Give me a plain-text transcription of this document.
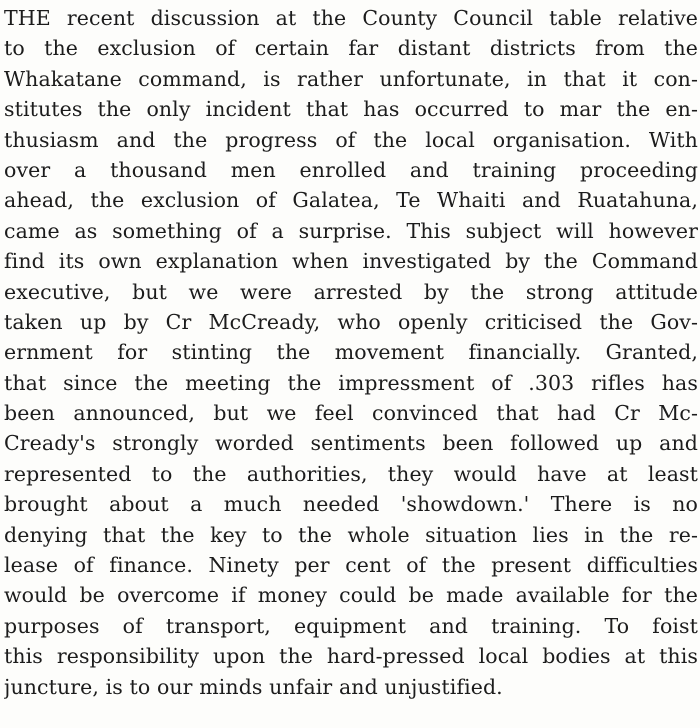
THE recent discussion at the County Council table relative
to the exclusion of certain far distant districts from the
Whakatane command, is rather unfortunate, in that it con-
stitutes the only incident that has occurred to mar the en-
thusiasm and the progress of the local organisation. With
over a thousand men enrolled and training proceeding
ahead, the exclusion of Galatea, Te Whaiti and Ruatahuna,
came as something of a surprise. This subject will however
find its own explanation when investigated by the Command
executive, but we were arrested by the strong attitude
taken up by Cr McCready, who openly criticised the Gov-
ernment for stinting the movement financially. Granted,
that since the meeting the impressment of .303 rifles has
been announced, but we feel convinced that had Cr Mc-
Cready's strongly worded sentiments been followed up and
represented to the authorities, they would have at least
brought about a much needed 'showdown.' There is no
denying that the key to the whole situation lies in the re-
lease of finance. Ninety per cent of the present difficulties
would be overcome if money could be made available for the
purposes of transport, equipment and training. To foist
this responsibility upon the hard-pressed local bodies at this
juncture, is to our minds unfair and unjustified.
